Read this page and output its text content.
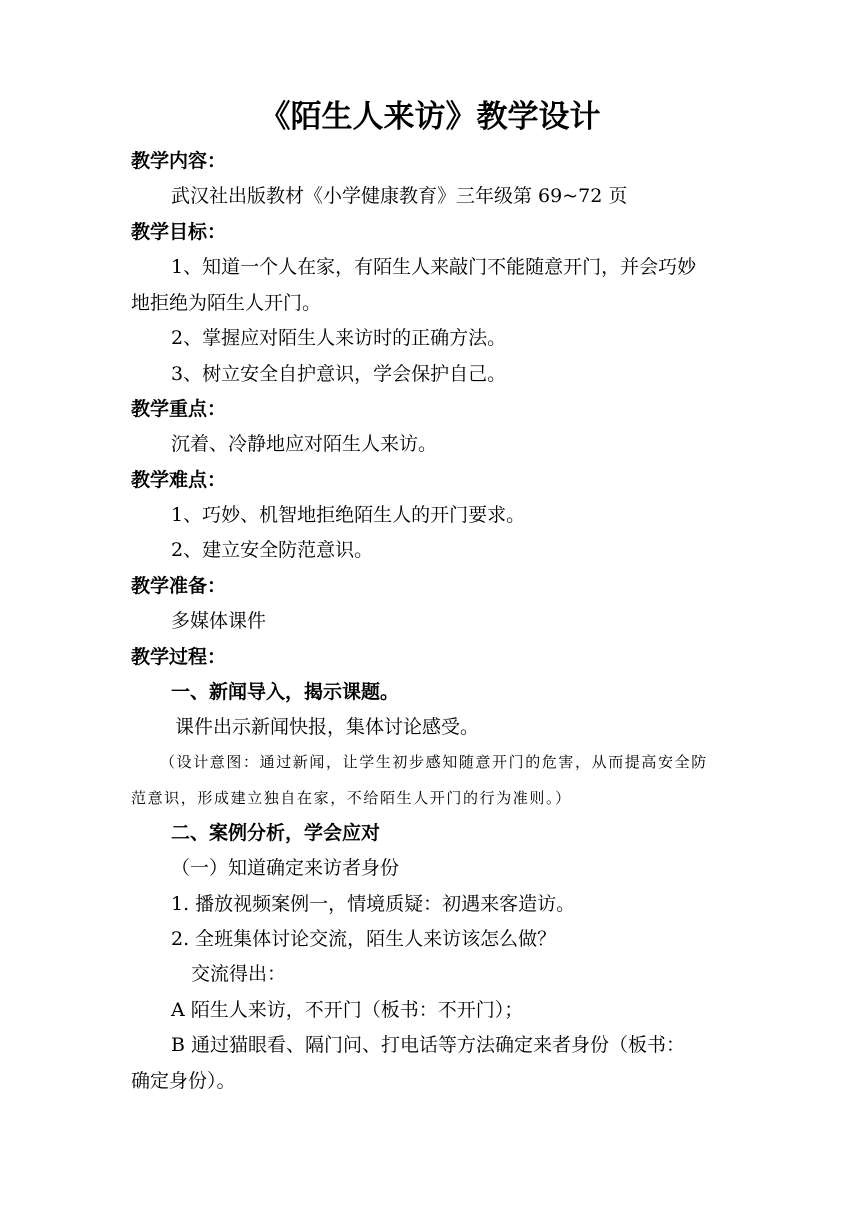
《陌生人来访》教学设计
教学内容：
武汉社出版教材《小学健康教育》三年级第 69~72 页
教学目标：
1、知道一个人在家，有陌生人来敲门不能随意开门，并会巧妙
地拒绝为陌生人开门。
2、掌握应对陌生人来访时的正确方法。
3、树立安全自护意识，学会保护自己。
教学重点：
沉着、冷静地应对陌生人来访。
教学难点：
1、巧妙、机智地拒绝陌生人的开门要求。
2、建立安全防范意识。
教学准备：
多媒体课件
教学过程：
一、新闻导入，揭示课题。
课件出示新闻快报，集体讨论感受。
（设计意图：通过新闻，让学生初步感知随意开门的危害，从而提高安全防
范意识，形成建立独自在家，不给陌生人开门的行为准则。）
二、案例分析，学会应对
（一）知道确定来访者身份
1. 播放视频案例一，情境质疑：初遇来客造访。
2. 全班集体讨论交流，陌生人来访该怎么做？
交流得出：
A 陌生人来访，不开门（板书：不开门）；
B 通过猫眼看、隔门问、打电话等方法确定来者身份（板书：
确定身份）。
